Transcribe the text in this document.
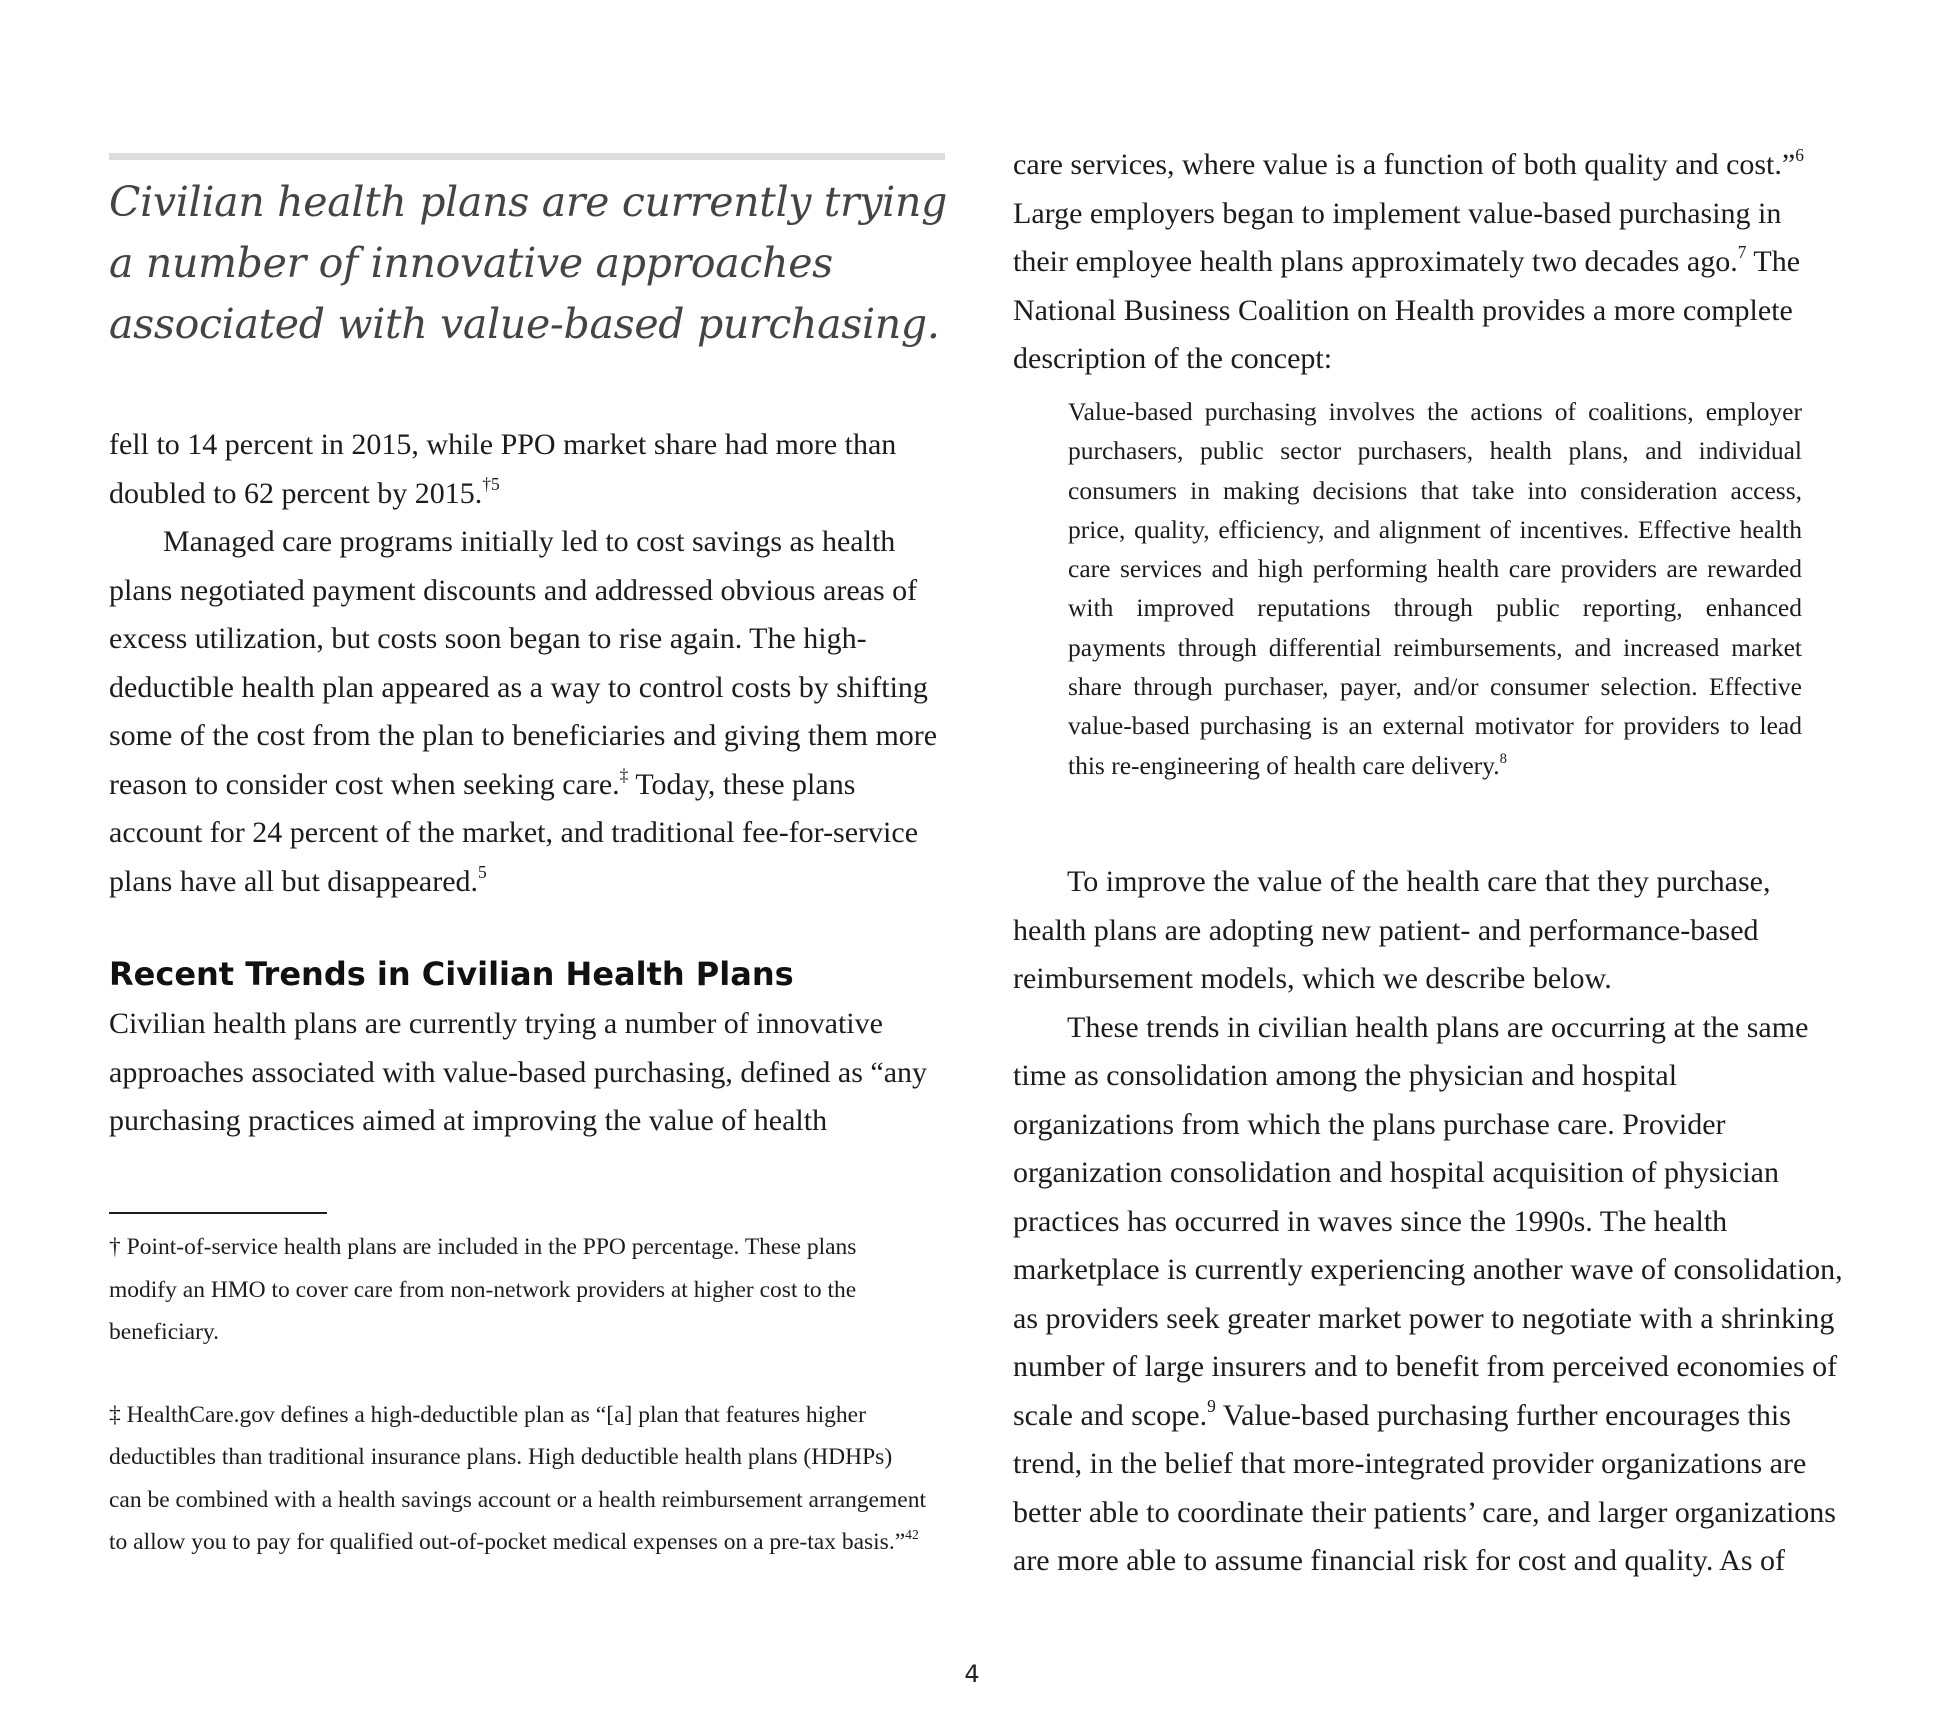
Civilian health plans are currently trying a number of innovative approaches associated with value-based purchasing.

fell to 14 percent in 2015, while PPO market share had more than doubled to 62 percent by 2015.$^{\dagger 5}$

Managed care programs initially led to cost savings as health plans negotiated payment discounts and addressed obvious areas of excess utilization, but costs soon began to rise again. The high-deductible health plan appeared as a way to control costs by shifting some of the cost from the plan to beneficiaries and giving them more reason to consider cost when seeking care.‡ Today, these plans account for 24 percent of the market, and traditional fee-for-service plans have all but disappeared.$^5$

Recent Trends in Civilian Health Plans

Civilian health plans are currently trying a number of innovative approaches associated with value-based purchasing, defined as “any purchasing practices aimed at improving the value of health

† Point-of-service health plans are included in the PPO percentage. These plans modify an HMO to cover care from non-network providers at higher cost to the beneficiary.

‡ HealthCare.gov defines a high-deductible plan as “[a] plan that features higher deductibles than traditional insurance plans. High deductible health plans (HDHPs) can be combined with a health savings account or a health reimbursement arrangement to allow you to pay for qualified out-of-pocket medical expenses on a pre-tax basis.”$^{42}$

care services, where value is a function of both quality and cost.”$^6$ Large employers began to implement value-based purchasing in their employee health plans approximately two decades ago.$^7$ The National Business Coalition on Health provides a more complete description of the concept:

Value-based purchasing involves the actions of coalitions, employer purchasers, public sector purchasers, health plans, and individual consumers in making decisions that take into consideration access, price, quality, efficiency, and alignment of incentives. Effective health care services and high performing health care providers are rewarded with improved reputations through public reporting, enhanced payments through differential reimbursements, and increased market share through purchaser, payer, and/or consumer selection. Effective value-based purchasing is an external motivator for providers to lead this re-engineering of health care delivery.$^8$

To improve the value of the health care that they purchase, health plans are adopting new patient- and performance-based reimbursement models, which we describe below.

These trends in civilian health plans are occurring at the same time as consolidation among the physician and hospital organizations from which the plans purchase care. Provider organization consolidation and hospital acquisition of physician practices has occurred in waves since the 1990s. The health marketplace is currently experiencing another wave of consolidation, as providers seek greater market power to negotiate with a shrinking number of large insurers and to benefit from perceived economies of scale and scope.$^9$ Value-based purchasing further encourages this trend, in the belief that more-integrated provider organizations are better able to coordinate their patients’ care, and larger organizations are more able to assume financial risk for cost and quality. As of

4
